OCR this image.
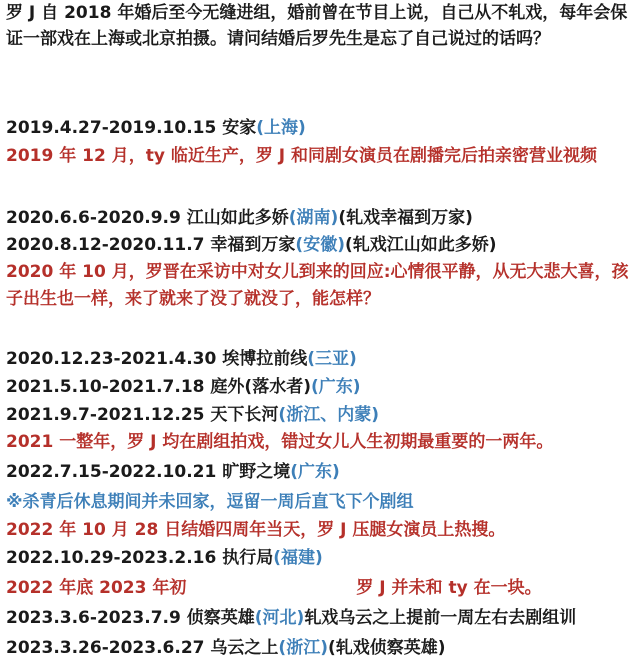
罗 J 自 2018 年婚后至今无缝进组，婚前曾在节目上说，自己从不轧戏，每年会保证一部戏在上海或北京拍摄。请问结婚后罗先生是忘了自己说过的话吗？
2019.4.27-2019.10.15 安家(上海)
2019 年 12 月，ty 临近生产，罗 J 和同剧女演员在剧播完后拍亲密营业视频
2020.6.6-2020.9.9 江山如此多娇(湖南)(轧戏幸福到万家)
2020.8.12-2020.11.7 幸福到万家(安徽)(轧戏江山如此多娇)
2020 年 10 月，罗晋在采访中对女儿到来的回应:心情很平静，从无大悲大喜，孩子出生也一样，来了就来了没了就没了，能怎样？
2020.12.23-2021.4.30 埃博拉前线(三亚)
2021.5.10-2021.7.18 庭外(落水者)(广东)
2021.9.7-2021.12.25 天下长河(浙江、内蒙)
2021 一整年，罗 J 均在剧组拍戏，错过女儿人生初期最重要的一两年。
2022.7.15-2022.10.21 旷野之境(广东)
※杀青后休息期间并未回家，逗留一周后直飞下个剧组
2022 年 10 月 28 日结婚四周年当天，罗 J 压腿女演员上热搜。
2022.10.29-2023.2.16 执行局(福建)
2022 年底 2023 年初	罗 J 并未和 ty 在一块。
2023.3.6-2023.7.9 侦察英雄(河北)轧戏乌云之上提前一周左右去剧组训
2023.3.26-2023.6.27 乌云之上(浙江)(轧戏侦察英雄)
